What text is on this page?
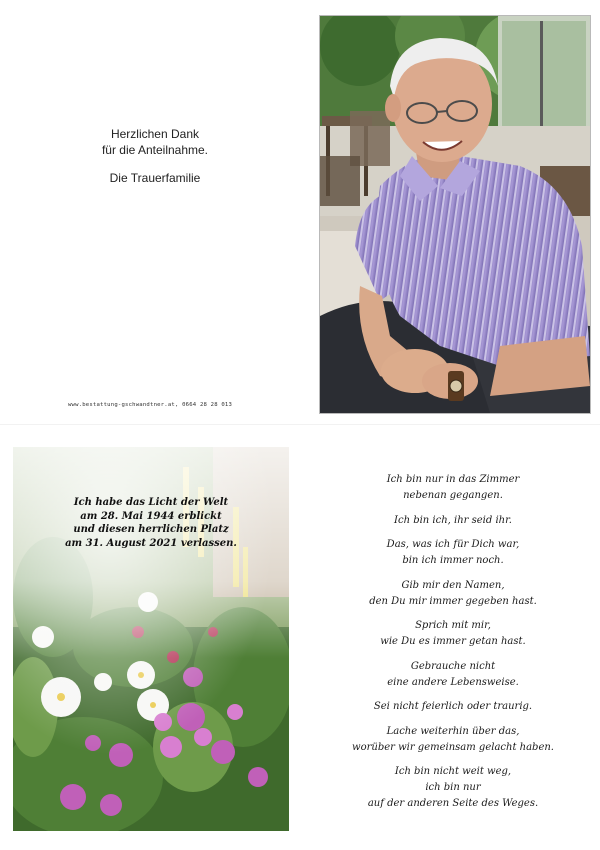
Herzlichen Dank
für die Anteilnahme.
Die Trauerfamilie
www.bestattung-gschwandtner.at, 0664 28 28 013
Ich habe das Licht der Welt
am 28. Mai 1944 erblickt
und diesen herrlichen Platz
am 31. August 2021 verlassen.
Ich bin nur in das Zimmer
nebenan gegangen.
Ich bin ich, ihr seid ihr.
Das, was ich für Dich war,
bin ich immer noch.
Gib mir den Namen,
den Du mir immer gegeben hast.
Sprich mit mir,
wie Du es immer getan hast.
Gebrauche nicht
eine andere Lebensweise.
Sei nicht feierlich oder traurig.
Lache weiterhin über das,
worüber wir gemeinsam gelacht haben.
Ich bin nicht weit weg,
ich bin nur
auf der anderen Seite des Weges.
